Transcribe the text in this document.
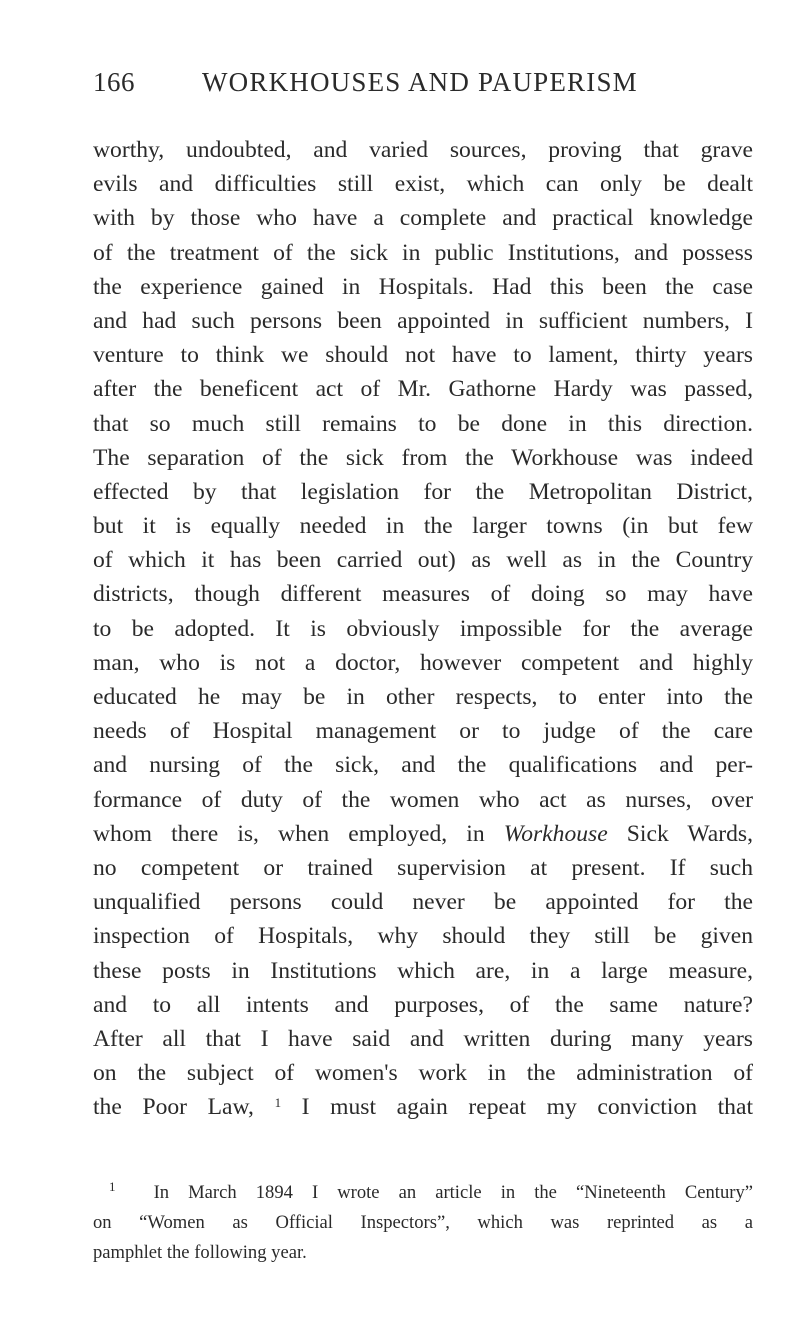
166 WORKHOUSES AND PAUPERISM
worthy, undoubted, and varied sources, proving that grave
evils and difficulties still exist, which can only be dealt
with by those who have a complete and practical knowledge
of the treatment of the sick in public Institutions, and possess
the experience gained in Hospitals. Had this been the case
and had such persons been appointed in sufficient numbers, I
venture to think we should not have to lament, thirty years
after the beneficent act of Mr. Gathorne Hardy was passed,
that so much still remains to be done in this direction.
The separation of the sick from the Workhouse was indeed
effected by that legislation for the Metropolitan District,
but it is equally needed in the larger towns (in but few
of which it has been carried out) as well as in the Country
districts, though different measures of doing so may have
to be adopted. It is obviously impossible for the average
man, who is not a doctor, however competent and highly
educated he may be in other respects, to enter into the
needs of Hospital management or to judge of the care
and nursing of the sick, and the qualifications and per-
formance of duty of the women who act as nurses, over
whom there is, when employed, in Workhouse Sick Wards,
no competent or trained supervision at present. If such
unqualified persons could never be appointed for the
inspection of Hospitals, why should they still be given
these posts in Institutions which are, in a large measure,
and to all intents and purposes, of the same nature?
After all that I have said and written during many years
on the subject of women's work in the administration of
the Poor Law, $^1$ I must again repeat my conviction that
$^1$ In March 1894 I wrote an article in the “Nineteenth Century”
on “Women as Official Inspectors”, which was reprinted as a
pamphlet the following year.
